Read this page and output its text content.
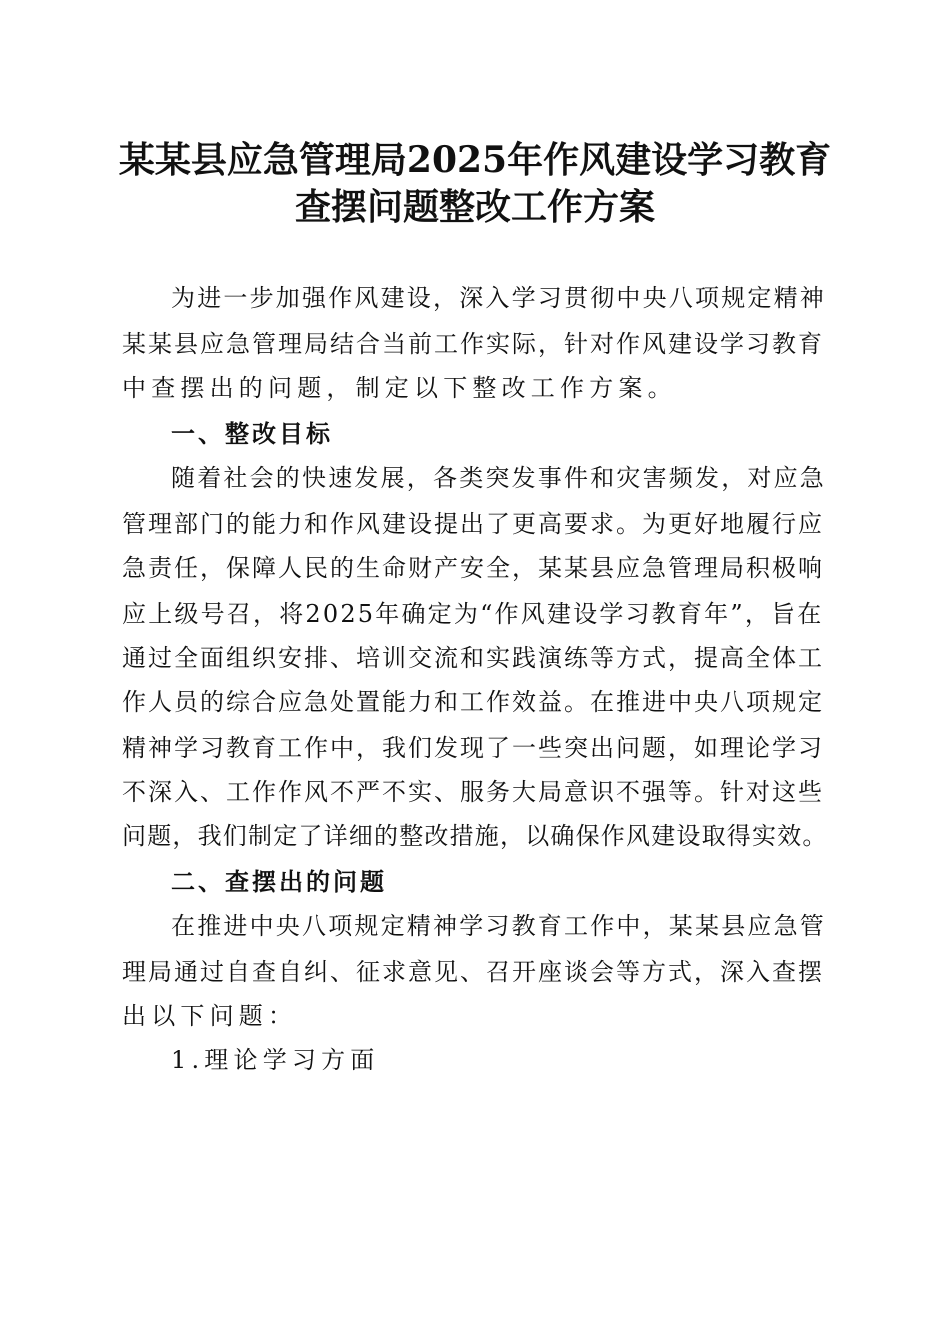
某某县应急管理局2025年作风建设学习教育
查摆问题整改工作方案
为进一步加强作风建设，深入学习贯彻中央八项规定精神
某某县应急管理局结合当前工作实际，针对作风建设学习教育
中查摆出的问题，制定以下整改工作方案。
一、整改目标
随着社会的快速发展，各类突发事件和灾害频发，对应急
管理部门的能力和作风建设提出了更高要求。为更好地履行应
急责任，保障人民的生命财产安全，某某县应急管理局积极响
应上级号召，将2025年确定为“作风建设学习教育年”，旨在
通过全面组织安排、培训交流和实践演练等方式，提高全体工
作人员的综合应急处置能力和工作效益。在推进中央八项规定
精神学习教育工作中，我们发现了一些突出问题，如理论学习
不深入、工作作风不严不实、服务大局意识不强等。针对这些
问题，我们制定了详细的整改措施，以确保作风建设取得实效。
二、查摆出的问题
在推进中央八项规定精神学习教育工作中，某某县应急管
理局通过自查自纠、征求意见、召开座谈会等方式，深入查摆
出以下问题：
1.理论学习方面
